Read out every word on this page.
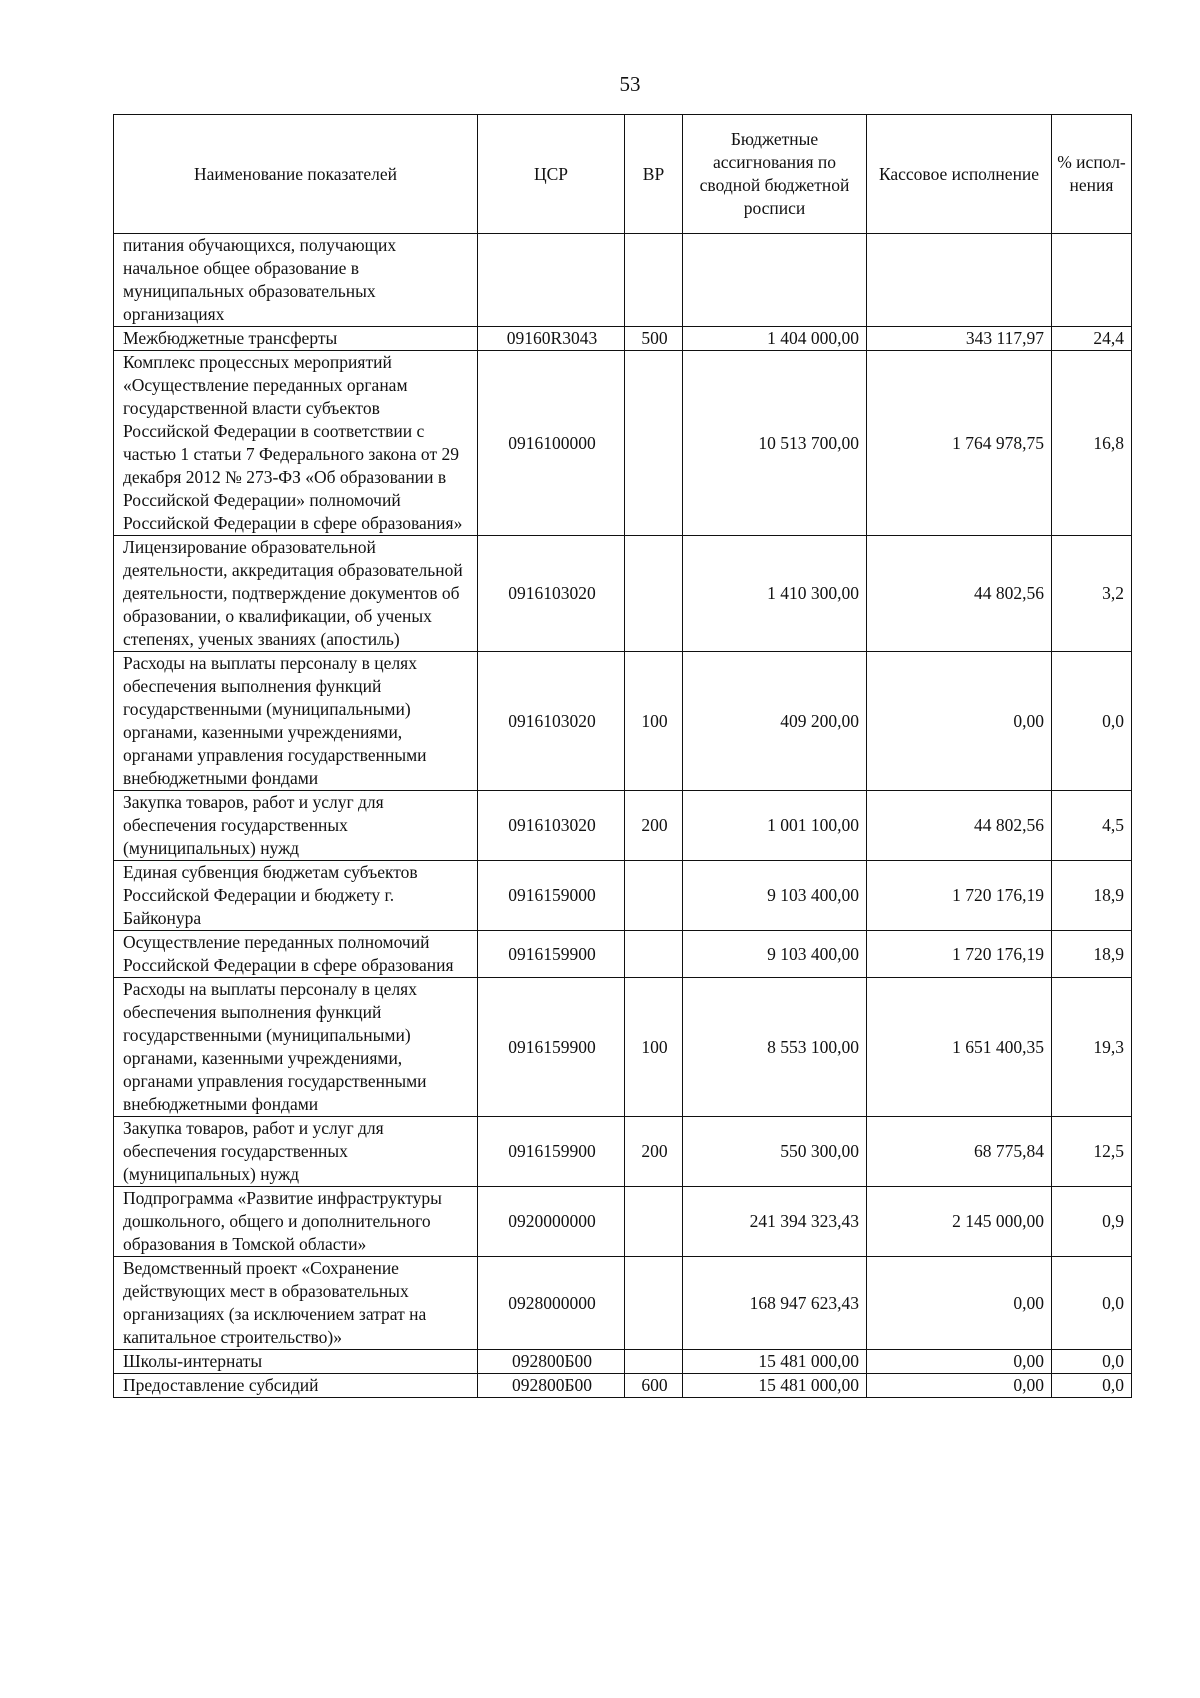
53
Наименование показателей	ЦСР	ВР	Бюджетные ассигнования по сводной бюджетной росписи	Кассовое исполнение	% испол-нения
питания обучающихся, получающих начальное общее образование в муниципальных образовательных организациях					
Межбюджетные трансферты	09160R3043	500	1 404 000,00	343 117,97	24,4
Комплекс процессных мероприятий «Осуществление переданных органам государственной власти субъектов Российской Федерации в соответствии с частью 1 статьи 7 Федерального закона от 29 декабря 2012 № 273-ФЗ «Об образовании в Российской Федерации» полномочий Российской Федерации в сфере образования»	0916100000		10 513 700,00	1 764 978,75	16,8
Лицензирование образовательной деятельности, аккредитация образовательной деятельности, подтверждение документов об образовании, о квалификации, об ученых степенях, ученых званиях (апостиль)	0916103020		1 410 300,00	44 802,56	3,2
Расходы на выплаты персоналу в целях обеспечения выполнения функций государственными (муниципальными) органами, казенными учреждениями, органами управления государственными внебюджетными фондами	0916103020	100	409 200,00	0,00	0,0
Закупка товаров, работ и услуг для обеспечения государственных (муниципальных) нужд	0916103020	200	1 001 100,00	44 802,56	4,5
Единая субвенция бюджетам субъектов Российской Федерации и бюджету г. Байконура	0916159000		9 103 400,00	1 720 176,19	18,9
Осуществление переданных полномочий Российской Федерации в сфере образования	0916159900		9 103 400,00	1 720 176,19	18,9
Расходы на выплаты персоналу в целях обеспечения выполнения функций государственными (муниципальными) органами, казенными учреждениями, органами управления государственными внебюджетными фондами	0916159900	100	8 553 100,00	1 651 400,35	19,3
Закупка товаров, работ и услуг для обеспечения государственных (муниципальных) нужд	0916159900	200	550 300,00	68 775,84	12,5
Подпрограмма «Развитие инфраструктуры дошкольного, общего и дополнительного образования в Томской области»	0920000000		241 394 323,43	2 145 000,00	0,9
Ведомственный проект «Сохранение действующих мест в образовательных организациях (за исключением затрат на капитальное строительство)»	0928000000		168 947 623,43	0,00	0,0
Школы-интернаты	092800Б00		15 481 000,00	0,00	0,0
Предоставление субсидий	092800Б00	600	15 481 000,00	0,00	0,0
